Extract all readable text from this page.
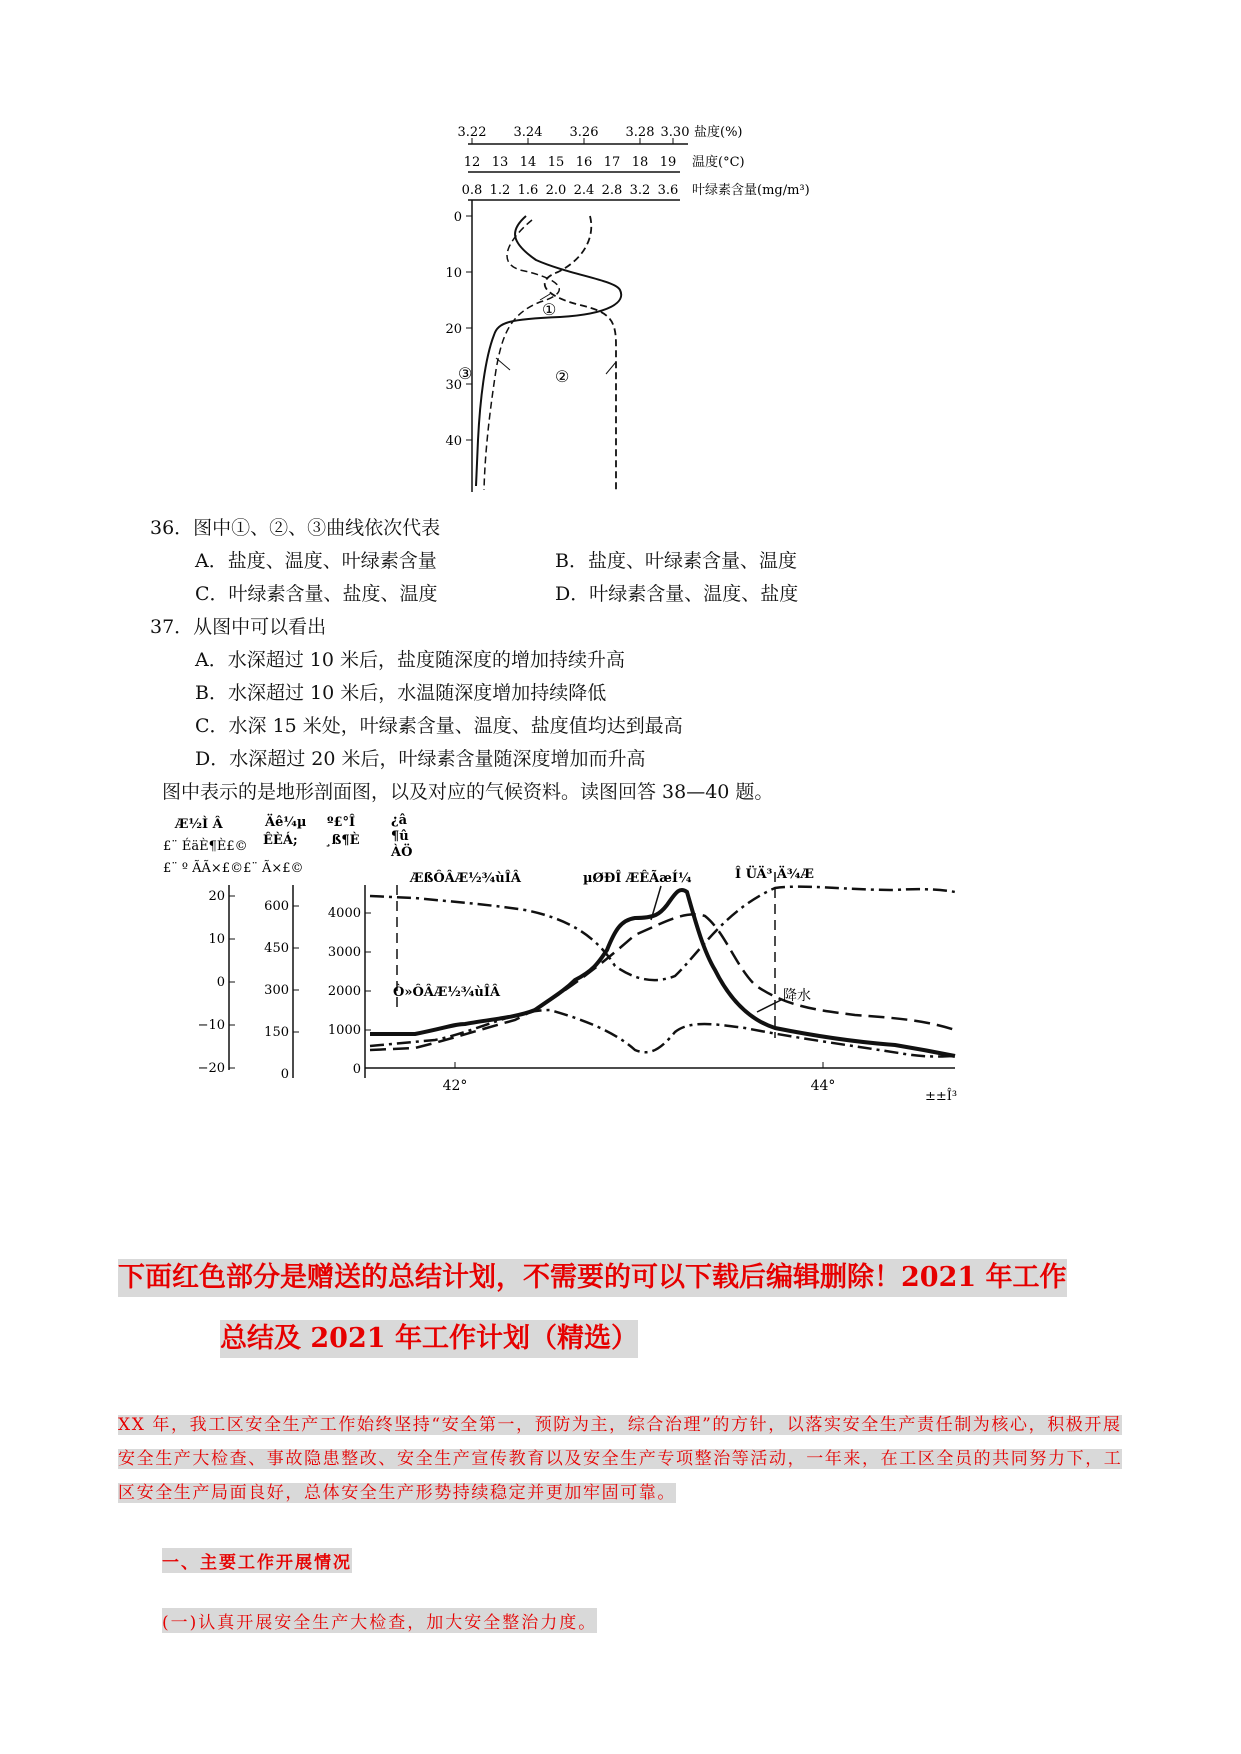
3.22 3.24 3.26 3.28 3.30 盐度(%)
12 13 14 15 16 17 18 19 温度(°C)
0.8 1.2 1.6 2.0 2.4 2.8 3.2 3.6 叶绿素含量(mg/m³)
0
10
20
30
40
①
③	②
36．图中①、②、③曲线依次代表
A．盐度、温度、叶绿素含量	B．盐度、叶绿素含量、温度
C．叶绿素含量、盐度、温度	D．叶绿素含量、温度、盐度
37．从图中可以看出
A．水深超过 10 米后，盐度随深度的增加持续升高
B．水深超过 10 米后，水温随深度增加持续降低
C．水深 15 米处，叶绿素含量、温度、盐度值均达到最高
D．水深超过 20 米后，叶绿素含量随深度增加而升高
图中表示的是地形剖面图，以及对应的气候资料。读图回答 38—40 题。
Æ½Ì Â
£¨ ÉäÈ¶È£©
Äê¼µ
ÊÈÁ;
º£°Î
¸ß¶È
¿â
¶û
ÀÖ
£¨ º ÃÃ×£©£¨ Ã×£©
20
10
0
−10
−20
600
450
300
150
0
4000
3000
2000
1000
0
42°	44°
±±Î³
ÆßÔÂÆ½¾ùÎÂ
Ò»ÔÂÆ½¾ùÎÂ
µØÐÎ ÆÊÃæÍ¼	Î ÜÄ³ Ä¾Æ
降水
下面红色部分是赠送的总结计划，不需要的可以下载后编辑删除！2021 年工作
总结及 2021 年工作计划（精选）
XX 年，我工区安全生产工作始终坚持“安全第一，预防为主，综合治理”的方针，以落实安全生产责任制为核心，积极开展安全生产大检查、事故隐患整改、安全生产宣传教育以及安全生产专项整治等活动，一年来，在工区全员的共同努力下，工区安全生产局面良好，总体安全生产形势持续稳定并更加牢固可靠。
一、主要工作开展情况
(一)认真开展安全生产大检查，加大安全整治力度。
